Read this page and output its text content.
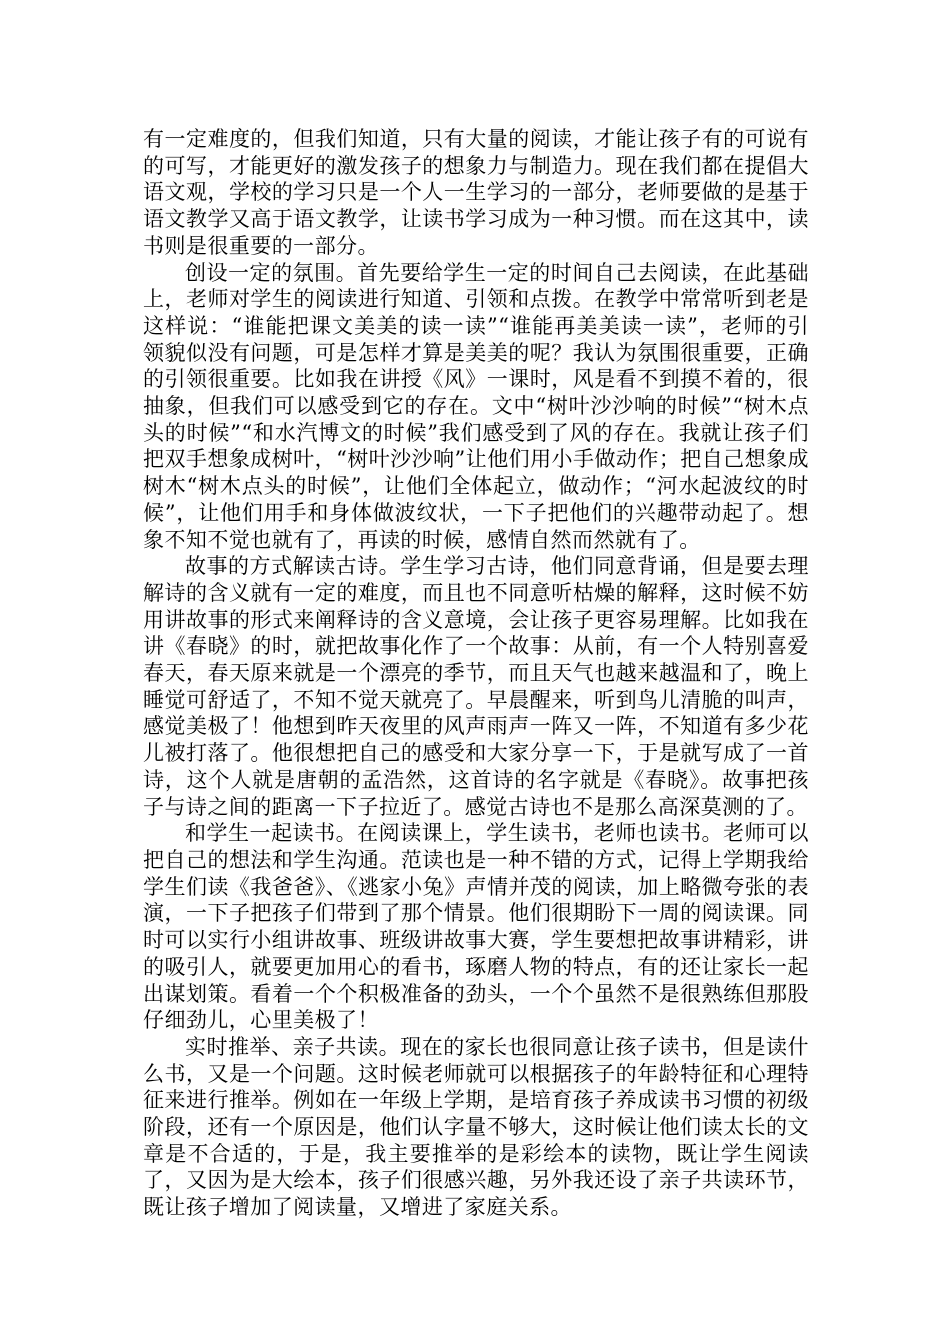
有一定难度的，但我们知道，只有大量的阅读，才能让孩子有的可说有的可写，才能更好的激发孩子的想象力与制造力。现在我们都在提倡大语文观，学校的学习只是一个人一生学习的一部分，老师要做的是基于语文教学又高于语文教学，让读书学习成为一种习惯。而在这其中，读书则是很重要的一部分。

创设一定的氛围。首先要给学生一定的时间自己去阅读，在此基础上，老师对学生的阅读进行知道、引领和点拨。在教学中常常听到老是这样说：“谁能把课文美美的读一读”“谁能再美美读一读”，老师的引领貌似没有问题，可是怎样才算是美美的呢？我认为氛围很重要，正确的引领很重要。比如我在讲授《风》一课时，风是看不到摸不着的，很抽象，但我们可以感受到它的存在。文中“树叶沙沙响的时候”“树木点头的时候”“和水汽博文的时候”我们感受到了风的存在。我就让孩子们把双手想象成树叶，“树叶沙沙响”让他们用小手做动作；把自己想象成树木“树木点头的时候”，让他们全体起立，做动作；“河水起波纹的时候”，让他们用手和身体做波纹状，一下子把他们的兴趣带动起了。想象不知不觉也就有了，再读的时候，感情自然而然就有了。

故事的方式解读古诗。学生学习古诗，他们同意背诵，但是要去理解诗的含义就有一定的难度，而且也不同意听枯燥的解释，这时候不妨用讲故事的形式来阐释诗的含义意境，会让孩子更容易理解。比如我在讲《春晓》的时，就把故事化作了一个故事：从前，有一个人特别喜爱春天，春天原来就是一个漂亮的季节，而且天气也越来越温和了，晚上睡觉可舒适了，不知不觉天就亮了。早晨醒来，听到鸟儿清脆的叫声，感觉美极了！他想到昨天夜里的风声雨声一阵又一阵，不知道有多少花儿被打落了。他很想把自己的感受和大家分享一下，于是就写成了一首诗，这个人就是唐朝的孟浩然，这首诗的名字就是《春晓》。故事把孩子与诗之间的距离一下子拉近了。感觉古诗也不是那么高深莫测的了。

和学生一起读书。在阅读课上，学生读书，老师也读书。老师可以把自己的想法和学生沟通。范读也是一种不错的方式，记得上学期我给学生们读《我爸爸》、《逃家小兔》声情并茂的阅读，加上略微夸张的表演，一下子把孩子们带到了那个情景。他们很期盼下一周的阅读课。同时可以实行小组讲故事、班级讲故事大赛，学生要想把故事讲精彩，讲的吸引人，就要更加用心的看书，琢磨人物的特点，有的还让家长一起出谋划策。看着一个个积极准备的劲头，一个个虽然不是很熟练但那股仔细劲儿，心里美极了！

实时推举、亲子共读。现在的家长也很同意让孩子读书，但是读什么书，又是一个问题。这时候老师就可以根据孩子的年龄特征和心理特征来进行推举。例如在一年级上学期，是培育孩子养成读书习惯的初级阶段，还有一个原因是，他们认字量不够大，这时候让他们读太长的文章是不合适的，于是，我主要推举的是彩绘本的读物，既让学生阅读了，又因为是大绘本，孩子们很感兴趣，另外我还设了亲子共读环节，既让孩子增加了阅读量，又增进了家庭关系。
